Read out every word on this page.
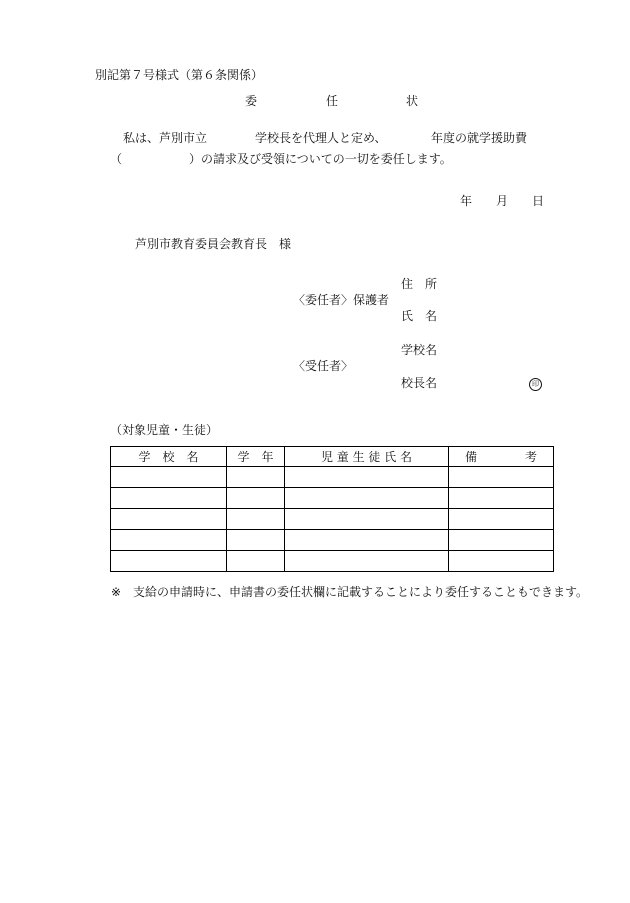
別記第７号様式（第６条関係）
委	任	状
私は、芦別市立	学校長を代理人と定め、	年度の就学援助費
（	）の請求及び受領についての一切を委任します。
年 月 日
芦別市教育委員会教育長　様
住　所
〈委任者〉保護者
氏　名
学校名
〈受任者〉
校長名	印
（対象児童・生徒）
学　校　名	学　年	児 童 生 徒 氏 名	備　　　　考

※ 支給の申請時に、申請書の委任状欄に記載することにより委任することもできます。
